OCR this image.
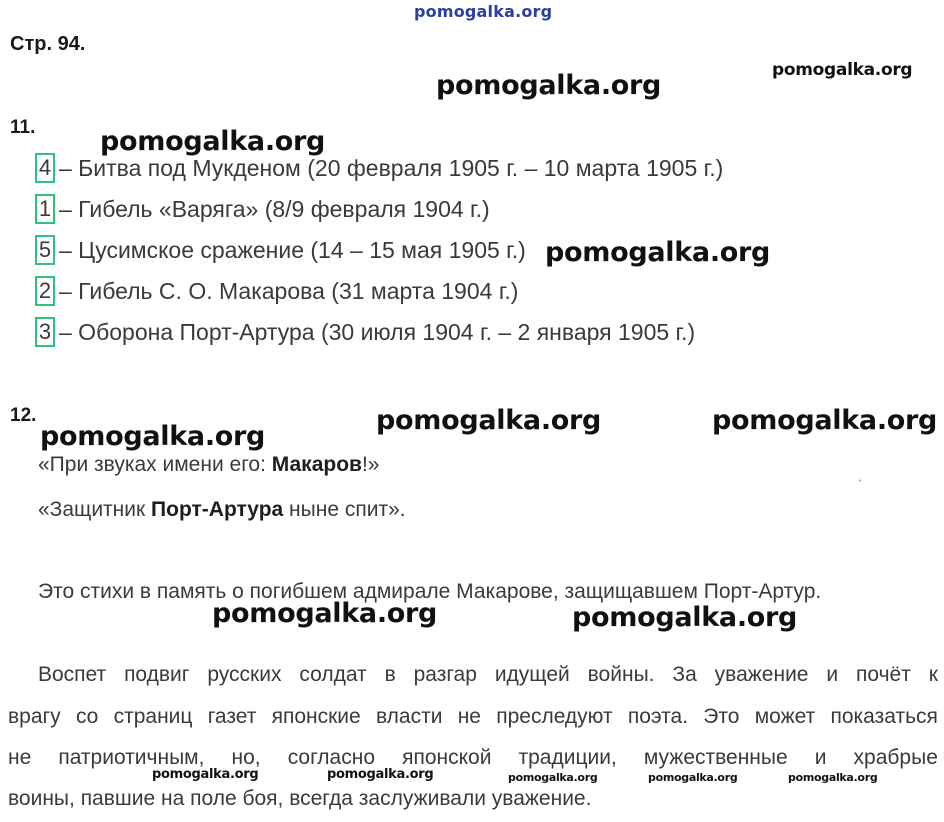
pomogalka.org
Стр. 94.
pomogalka.org
pomogalka.org
11. pomogalka.org
4 – Битва под Мукденом (20 февраля 1905 г. – 10 марта 1905 г.)
1 – Гибель «Варяга» (8/9 февраля 1904 г.)
5 – Цусимское сражение (14 – 15 мая 1905 г.)
2 – Гибель С. О. Макарова (31 марта 1904 г.)
3 – Оборона Порт-Артура (30 июля 1904 г. – 2 января 1905 г.)
pomogalka.org
12.	pomogalka.org	pomogalka.org
pomogalka.org
«При звуках имени его: Макаров!»	ˏ
«Защитник Порт-Артура ныне спит».
Это стихи в память о погибшем адмирале Макарове, защищавшем Порт-Артур.
pomogalka.org	pomogalka.org
Воспет подвиг русских солдат в разгар идущей войны. За уважение и почёт к
врагу со страниц газет японские власти не преследуют поэта. Это может показаться
не патриотичным, но, согласно японской традиции, мужественные и храбрые
воины, павшие на поле боя, всегда заслуживали уважение.
pomogalka.org	pomogalka.org	pomogalka.org	pomogalka.org	pomogalka.org
